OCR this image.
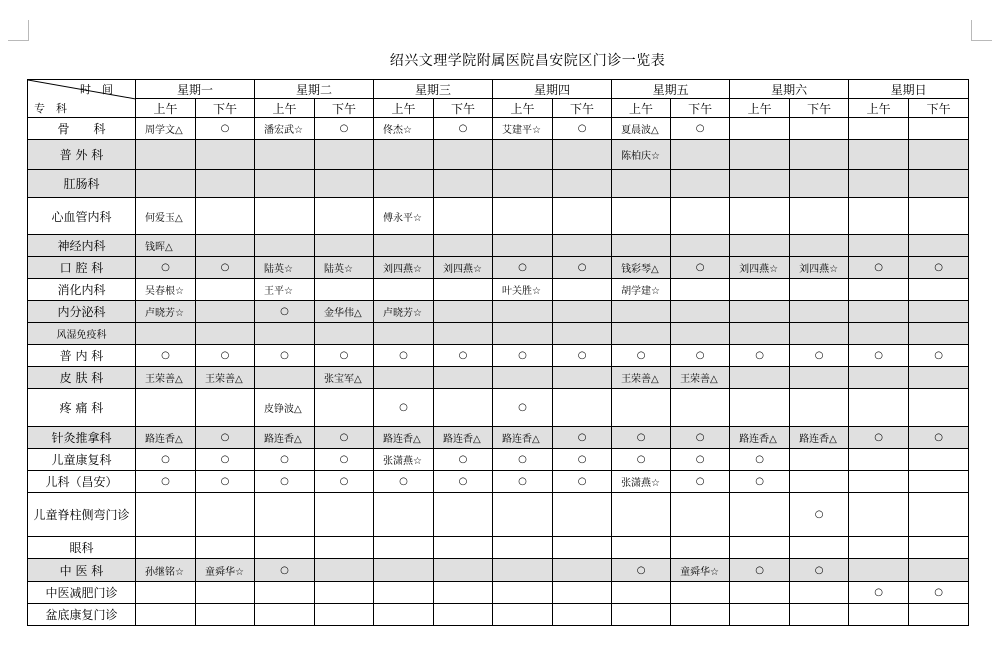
绍兴文理学院附属医院昌安院区门诊一览表
时　间
专　科	星期一		星期二		星期三		星期四		星期五		星期六		星期日	
	上午	下午	上午	下午	上午	下午	上午	下午	上午	下午	上午	下午	上午	下午
骨　　科	周学文△	○	潘宏武☆	○	佟杰☆	○	艾建平☆	○	夏晨波△	○				
普 外 科									陈柏庆☆					
肛肠科														
心血管内科	何爱玉△				傅永平☆									
神经内科	钱晖△													
口 腔 科	○	○	陆英☆	陆英☆	刘四燕☆	刘四燕☆	○	○	钱彩琴△	○	刘四燕☆	刘四燕☆	○	○
消化内科	吴春根☆		王平☆				叶关胜☆		胡学建☆					
内分泌科	卢晓芳☆		○	金华伟△	卢晓芳☆									
风湿免疫科														
普 内 科	○	○	○	○	○	○	○	○	○	○	○	○	○	○
皮 肤 科	王荣善△	王荣善△		张宝军△					王荣善△	王荣善△				
疼 痛 科			皮铮波△		○		○							
针灸推拿科	路连香△	○	路连香△	○	路连香△	路连香△	路连香△	○	○	○	路连香△	路连香△	○	○
儿童康复科	○	○	○	○	张潇燕☆	○	○	○	○	○	○			
儿科（昌安）	○	○	○	○	○	○	○	○	张潇燕☆	○	○			
儿童脊柱侧弯门诊												○		
眼科														
中 医 科	孙继铭☆	童舜华☆	○						○	童舜华☆	○	○		
中医减肥门诊													○	○
盆底康复门诊														
